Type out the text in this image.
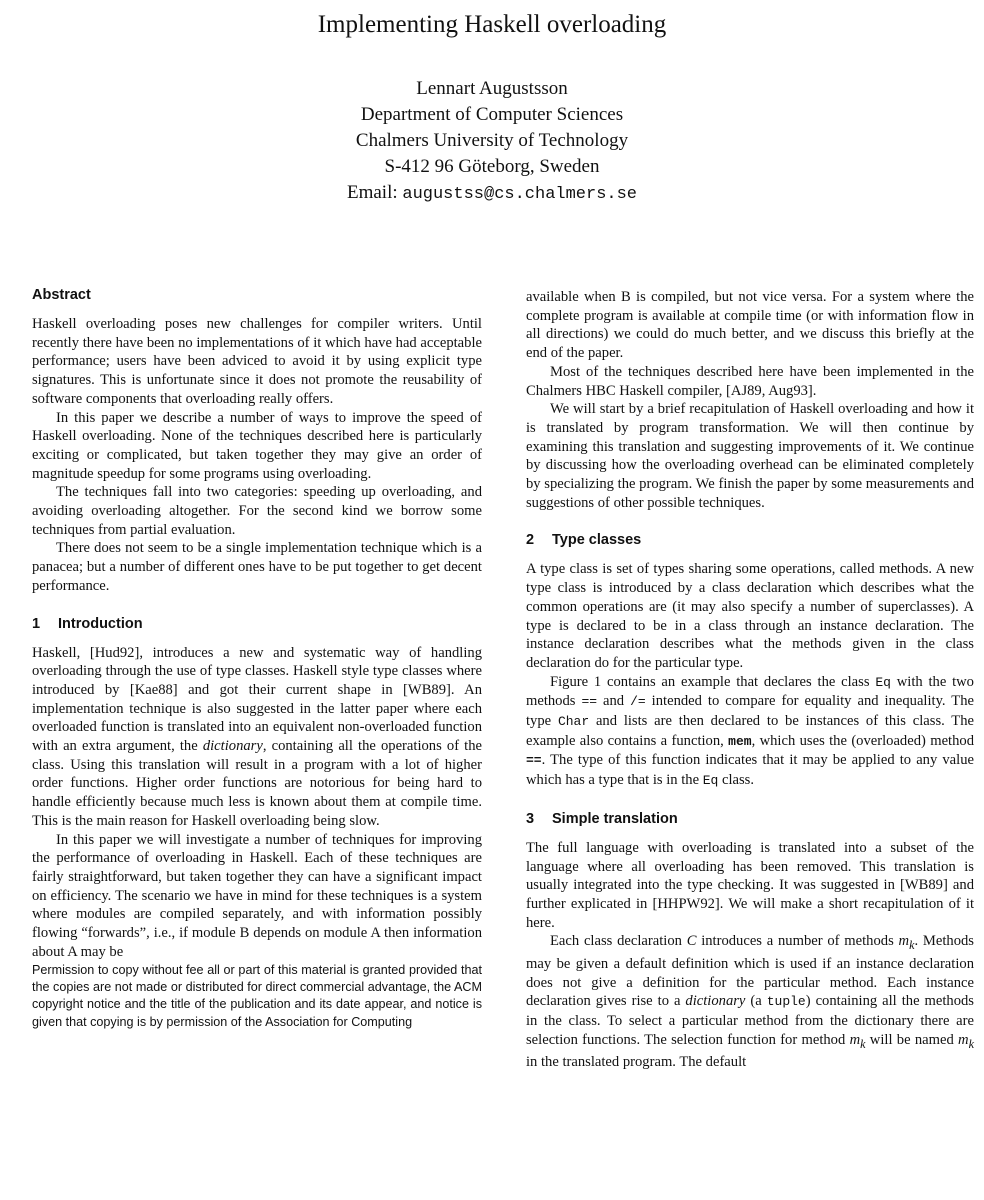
Implementing Haskell overloading
Lennart Augustsson
Department of Computer Sciences
Chalmers University of Technology
S-412 96 Göteborg, Sweden
Email: augustss@cs.chalmers.se
Abstract

Haskell overloading poses new challenges for compiler writers. Until recently there have been no implementations of it which have had acceptable performance; users have been adviced to avoid it by using explicit type signatures. This is unfortunate since it does not promote the reusability of software components that overloading really offers.

In this paper we describe a number of ways to improve the speed of Haskell overloading. None of the techniques described here is particularly exciting or complicated, but taken together they may give an order of magnitude speedup for some programs using overloading.

The techniques fall into two categories: speeding up overloading, and avoiding overloading altogether. For the second kind we borrow some techniques from partial evaluation.

There does not seem to be a single implementation technique which is a panacea; but a number of different ones have to be put together to get decent performance.

1 Introduction

Haskell, [Hud92], introduces a new and systematic way of handling overloading through the use of type classes. Haskell style type classes where introduced by [Kae88] and got their current shape in [WB89]. An implementation technique is also suggested in the latter paper where each overloaded function is translated into an equivalent non-overloaded function with an extra argument, the dictionary, containing all the operations of the class. Using this translation will result in a program with a lot of higher order functions. Higher order functions are notorious for being hard to handle efficiently because much less is known about them at compile time. This is the main reason for Haskell overloading being slow.

In this paper we will investigate a number of techniques for improving the performance of overloading in Haskell. Each of these techniques are fairly straightforward, but taken together they can have a significant impact on efficiency. The scenario we have in mind for these techniques is a system where modules are compiled separately, and with information possibly flowing “forwards”, i.e., if module B depends on module A then information about A may be

Permission to copy without fee all or part of this material is granted provided that the copies are not made or distributed for direct commercial advantage, the ACM copyright notice and the title of the publication and its date appear, and notice is given that copying is by permission of the Association for Computing

available when B is compiled, but not vice versa. For a system where the complete program is available at compile time (or with information flow in all directions) we could do much better, and we discuss this briefly at the end of the paper.

Most of the techniques described here have been implemented in the Chalmers HBC Haskell compiler, [AJ89, Aug93].

We will start by a brief recapitulation of Haskell overloading and how it is translated by program transformation. We will then continue by examining this translation and suggesting improvements of it. We continue by discussing how the overloading overhead can be eliminated completely by specializing the program. We finish the paper by some measurements and suggestions of other possible techniques.

2 Type classes

A type class is set of types sharing some operations, called methods. A new type class is introduced by a class declaration which describes what the common operations are (it may also specify a number of superclasses). A type is declared to be in a class through an instance declaration. The instance declaration describes what the methods given in the class declaration do for the particular type.

Figure 1 contains an example that declares the class Eq with the two methods == and /= intended to compare for equality and inequality. The type Char and lists are then declared to be instances of this class. The example also contains a function, mem, which uses the (overloaded) method ==. The type of this function indicates that it may be applied to any value which has a type that is in the Eq class.

3 Simple translation

The full language with overloading is translated into a subset of the language where all overloading has been removed. This translation is usually integrated into the type checking. It was suggested in [WB89] and further explicated in [HHPW92]. We will make a short recapitulation of it here.

Each class declaration C introduces a number of methods $m_k$. Methods may be given a default definition which is used if an instance declaration does not give a definition for the particular method. Each instance declaration gives rise to a dictionary (a tuple) containing all the methods in the class. To select a particular method from the dictionary there are selection functions. The selection function for method $m_k$ will be named $m_k$ in the translated program. The default
